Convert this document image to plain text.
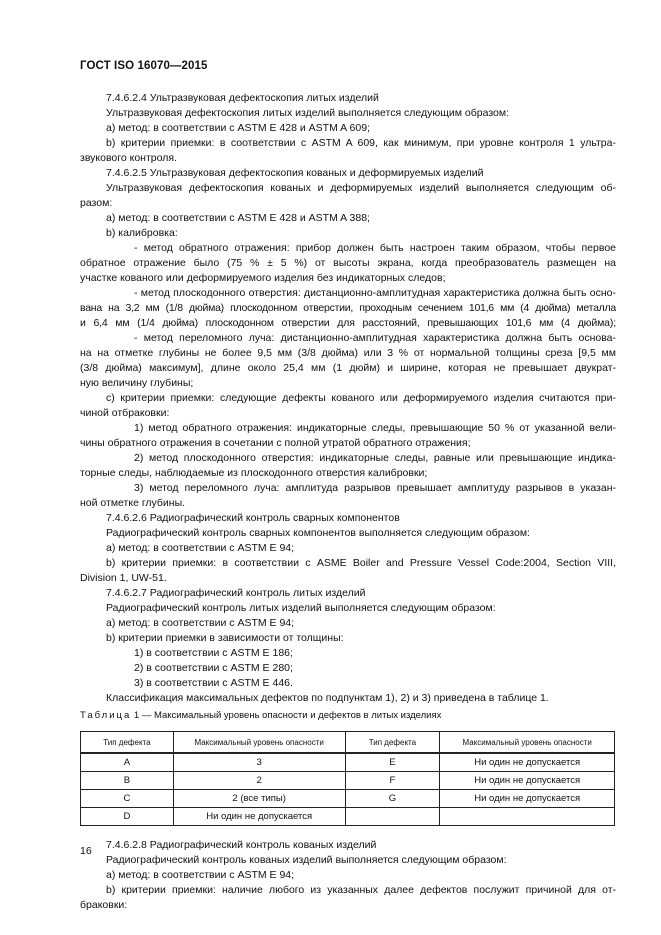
ГОСТ ISO 16070—2015
7.4.6.2.4 Ультразвуковая дефектоскопия литых изделий
Ультразвуковая дефектоскопия литых изделий выполняется следующим образом:
a) метод: в соответствии с ASTM E 428 и ASTM A 609;
b) критерии приемки: в соответствии с ASTM A 609, как минимум, при уровне контроля 1 ультра-
звукового контроля.
7.4.6.2.5 Ультразвуковая дефектоскопия кованых и деформируемых изделий
Ультразвуковая дефектоскопия кованых и деформируемых изделий выполняется следующим об-
разом:
a) метод: в соответствии с ASTM E 428 и ASTM A 388;
b) калибровка:
- метод обратного отражения: прибор должен быть настроен таким образом, чтобы первое
обратное отражение было (75 % ± 5 %) от высоты экрана, когда преобразователь размещен на
участке кованого или деформируемого изделия без индикаторных следов;
- метод плоскодонного отверстия: дистанционно-амплитудная характеристика должна быть осно-
вана на 3,2 мм (1/8 дюйма) плоскодонном отверстии, проходным сечением 101,6 мм (4 дюйма) металла
и 6,4 мм (1/4 дюйма) плоскодонном отверстии для расстояний, превышающих 101,6 мм (4 дюйма);
- метод переломного луча: дистанционно-амплитудная характеристика должна быть основа-
на на отметке глубины не более 9,5 мм (3/8 дюйма) или 3 % от нормальной толщины среза [9,5 мм
(3/8 дюйма) максимум], длине около 25,4 мм (1 дюйм) и ширине, которая не превышает двукрат-
ную величину глубины;
c) критерии приемки: следующие дефекты кованого или деформируемого изделия считаются при-
чиной отбраковки:
1) метод обратного отражения: индикаторные следы, превышающие 50 % от указанной вели-
чины обратного отражения в сочетании с полной утратой обратного отражения;
2) метод плоскодонного отверстия: индикаторные следы, равные или превышающие индика-
торные следы, наблюдаемые из плоскодонного отверстия калибровки;
3) метод переломного луча: амплитуда разрывов превышает амплитуду разрывов в указан-
ной отметке глубины.
7.4.6.2.6 Радиографический контроль сварных компонентов
Радиографический контроль сварных компонентов выполняется следующим образом:
a) метод: в соответствии с ASTM E 94;
b) критерии приемки: в соответствии с ASME Boiler and Pressure Vessel Code:2004, Section VIII,
Division 1, UW-51.
7.4.6.2.7 Радиографический контроль литых изделий
Радиографический контроль литых изделий выполняется следующим образом:
a) метод: в соответствии с ASTM E 94;
b) критерии приемки в зависимости от толщины:
1) в соответствии с ASTM E 186;
2) в соответствии с ASTM E 280;
3) в соответствии с ASTM E 446.
Классификация максимальных дефектов по подпунктам 1), 2) и 3) приведена в таблице 1.
Таблица 1 — Максимальный уровень опасности и дефектов в литых изделиях
Тип дефекта	Максимальный уровень опасности	Тип дефекта	Максимальный уровень опасности
A	3	E	Ни один не допускается
B	2	F	Ни один не допускается
C	2 (все типы)	G	Ни один не допускается
D	Ни один не допускается		
7.4.6.2.8 Радиографический контроль кованых изделий
Радиографический контроль кованых изделий выполняется следующим образом:
a) метод: в соответствии с ASTM E 94;
b) критерии приемки: наличие любого из указанных далее дефектов послужит причиной для от-
браковки:
16
